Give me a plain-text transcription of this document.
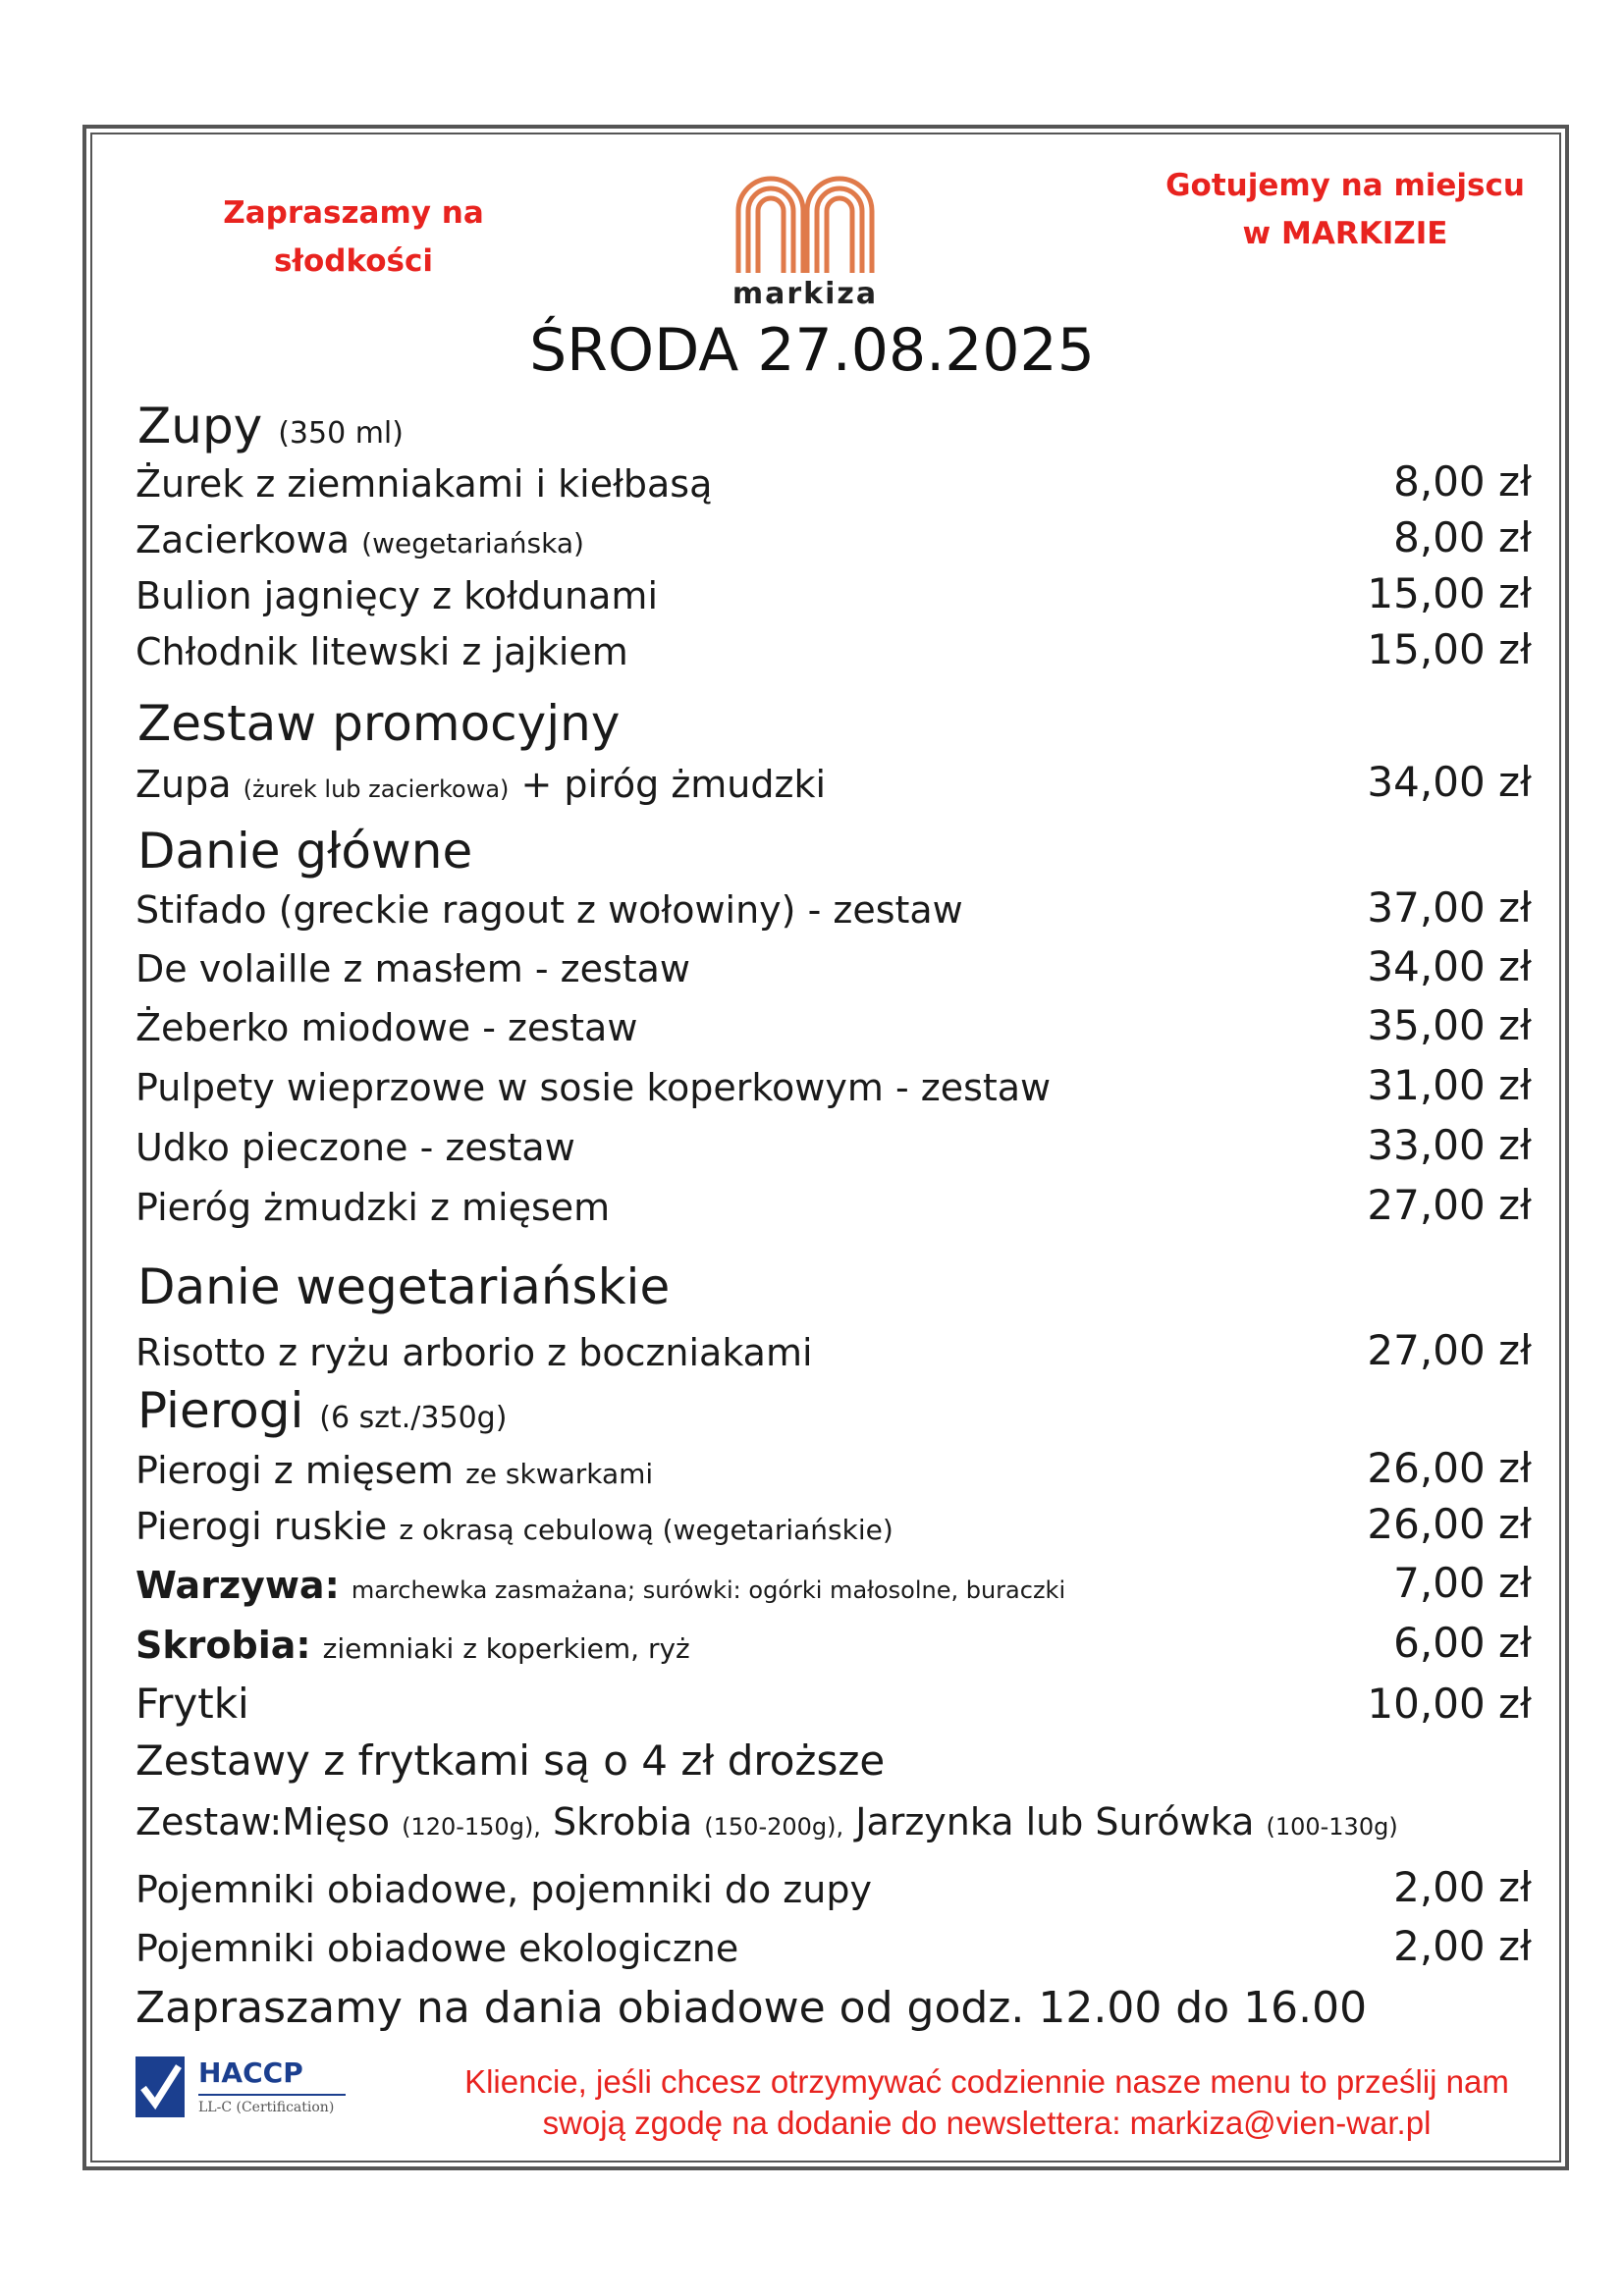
Zapraszamy na
słodkości
markiza
Gotujemy na miejscu
w MARKIZIE
ŚRODA 27.08.2025
Zupy (350 ml)
Żurek z ziemniakami i kiełbasą	8,00 zł
Zacierkowa (wegetariańska)	8,00 zł
Bulion jagnięcy z kołdunami	15,00 zł
Chłodnik litewski z jajkiem	15,00 zł
Zestaw promocyjny
Zupa (żurek lub zacierkowa) + piróg żmudzki	34,00 zł
Danie główne
Stifado (greckie ragout z wołowiny) - zestaw	37,00 zł
De volaille z masłem - zestaw	34,00 zł
Żeberko miodowe - zestaw	35,00 zł
Pulpety wieprzowe w sosie koperkowym - zestaw	31,00 zł
Udko pieczone - zestaw	33,00 zł
Pieróg żmudzki z mięsem	27,00 zł
Danie wegetariańskie
Risotto z ryżu arborio z boczniakami	27,00 zł
Pierogi (6 szt./350g)
Pierogi z mięsem ze skwarkami	26,00 zł
Pierogi ruskie z okrasą cebulową (wegetariańskie)	26,00 zł
Warzywa: marchewka zasmażana; surówki: ogórki małosolne, buraczki	7,00 zł
Skrobia: ziemniaki z koperkiem, ryż	6,00 zł
Frytki	10,00 zł
Zestawy z frytkami są o 4 zł droższe
Zestaw:Mięso (120-150g), Skrobia (150-200g), Jarzynka lub Surówka (100-130g)
Pojemniki obiadowe, pojemniki do zupy	2,00 zł
Pojemniki obiadowe ekologiczne	2,00 zł
Zapraszamy na dania obiadowe od godz. 12.00 do 16.00
HACCP
LL-C (Certification)
Kliencie, jeśli chcesz otrzymywać codziennie nasze menu to prześlij nam
swoją zgodę na dodanie do newslettera: markiza@vien-war.pl
